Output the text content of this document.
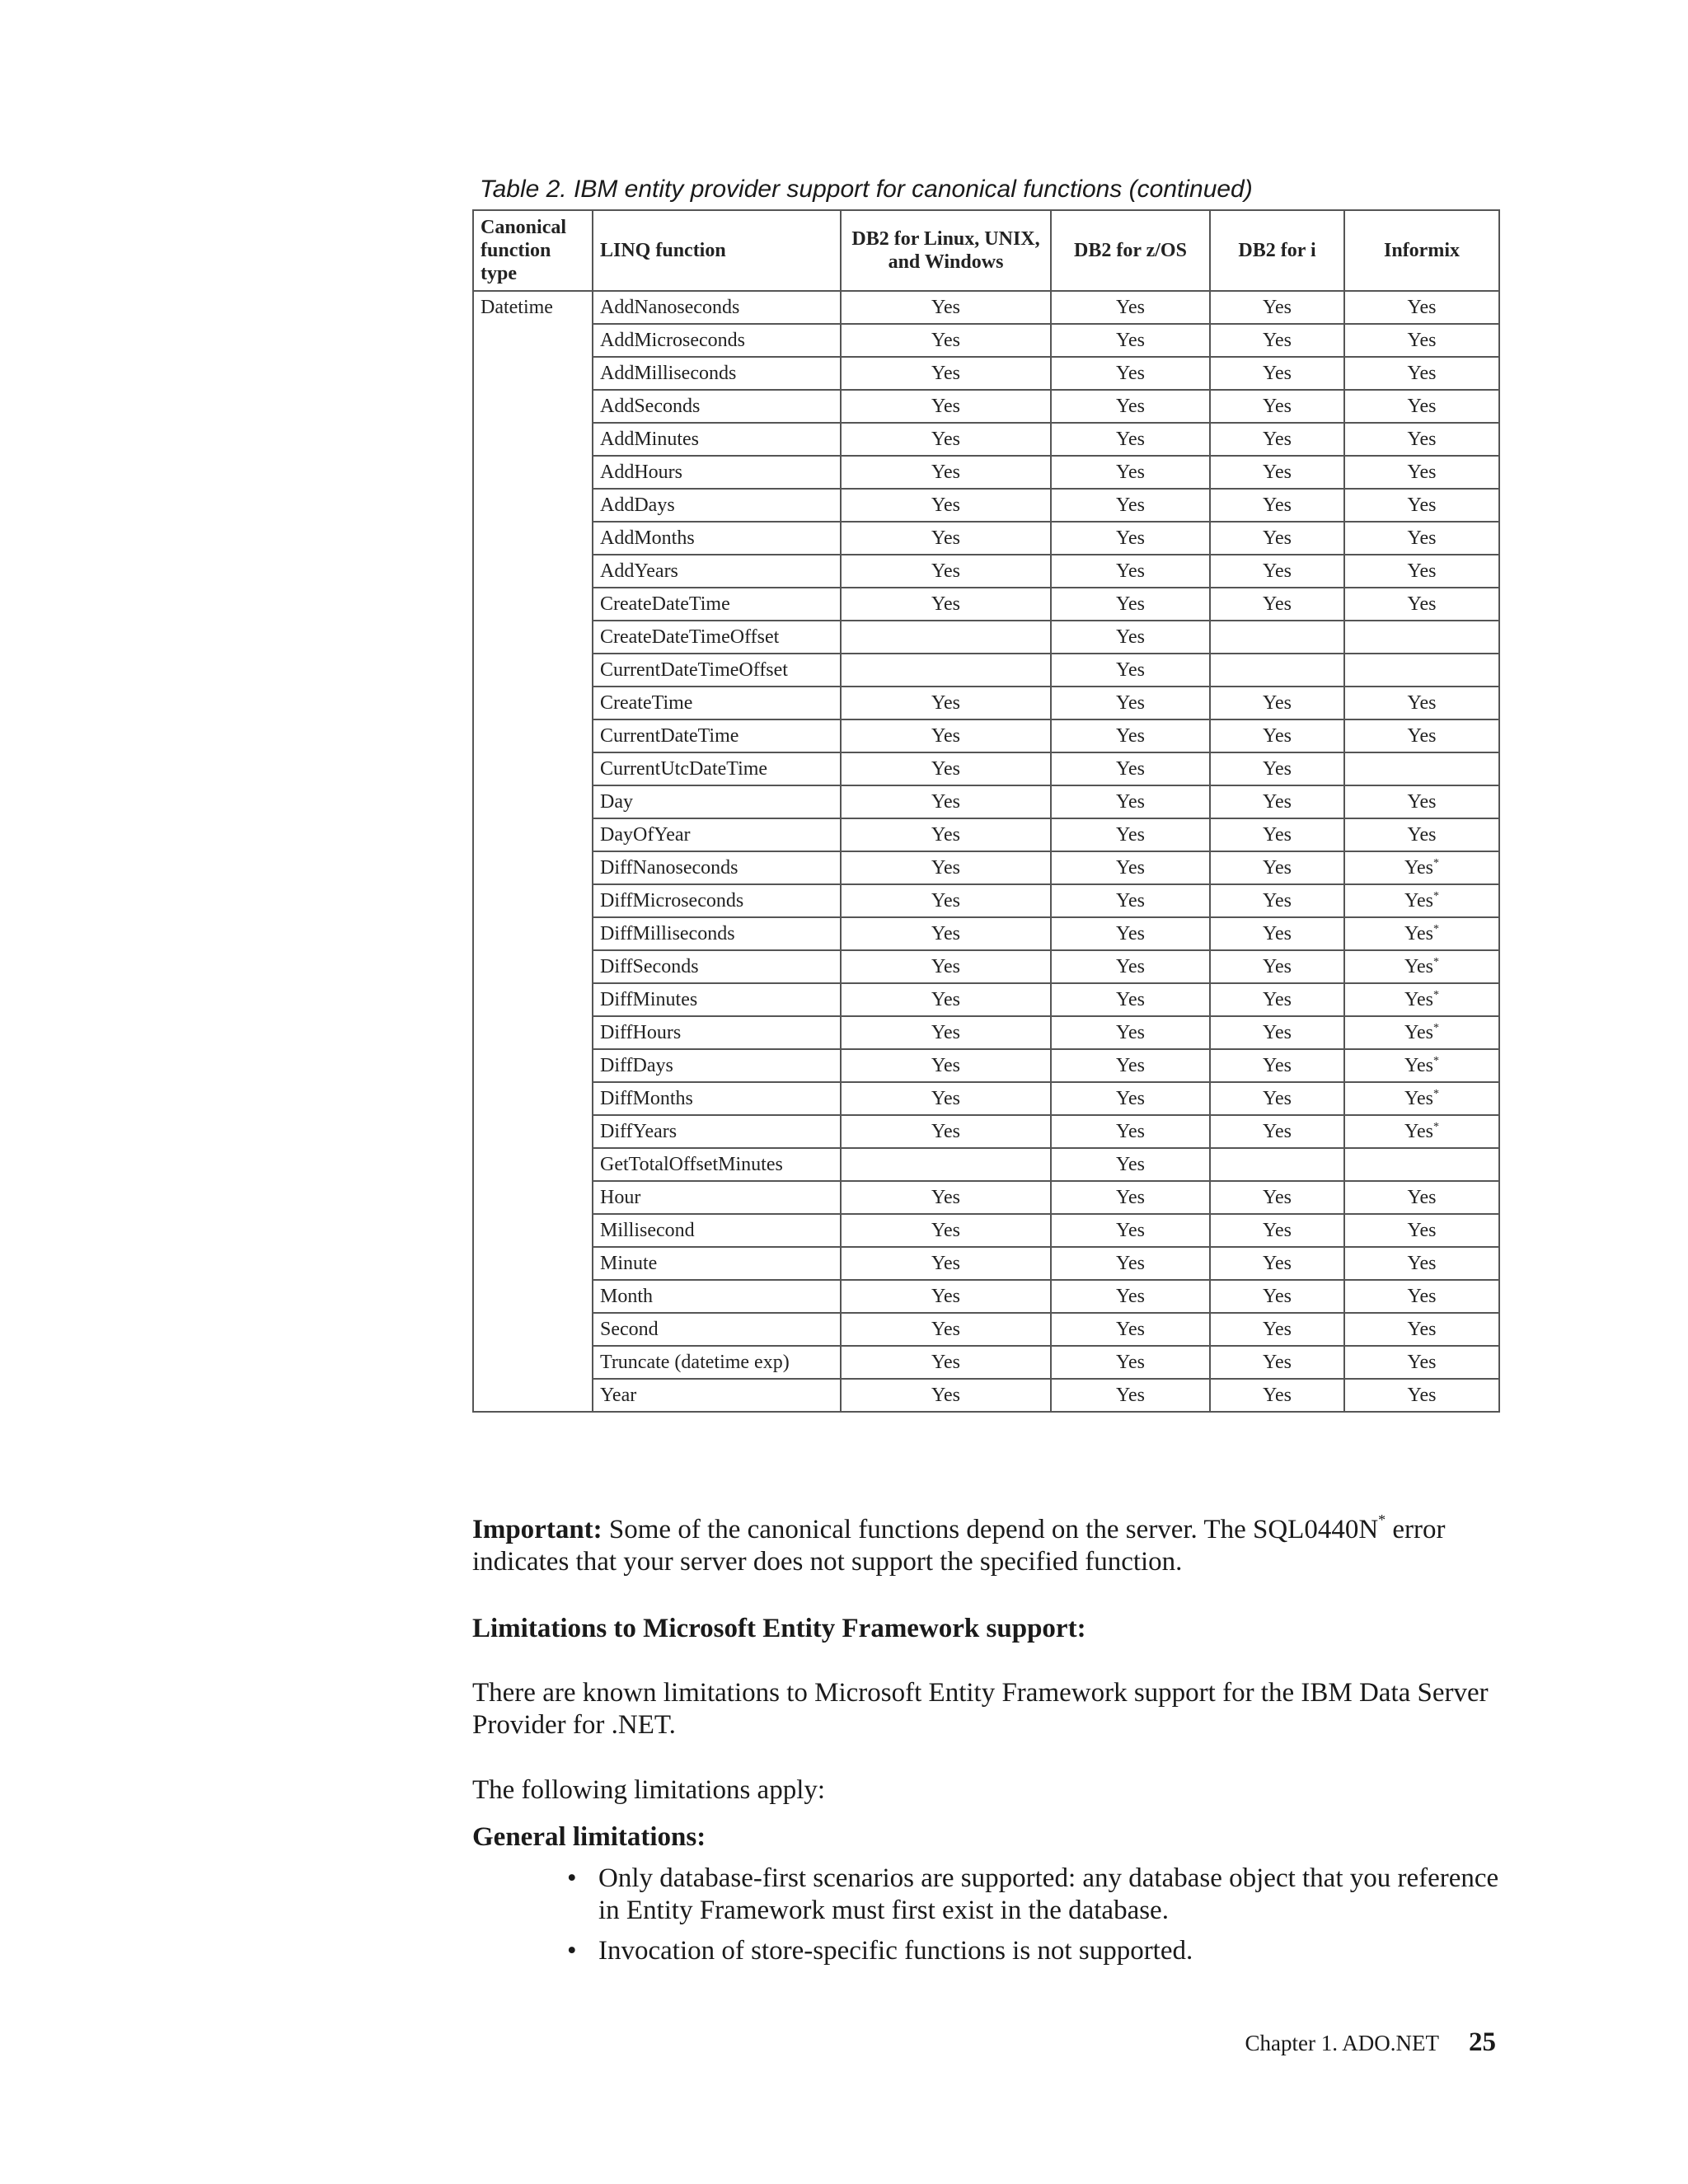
Table 2. IBM entity provider support for canonical functions (continued)
Canonical function type	LINQ function	DB2 for Linux, UNIX, and Windows	DB2 for z/OS	DB2 for i	Informix
Datetime	AddNanoseconds	Yes	Yes	Yes	Yes
	AddMicroseconds	Yes	Yes	Yes	Yes
	AddMilliseconds	Yes	Yes	Yes	Yes
	AddSeconds	Yes	Yes	Yes	Yes
	AddMinutes	Yes	Yes	Yes	Yes
	AddHours	Yes	Yes	Yes	Yes
	AddDays	Yes	Yes	Yes	Yes
	AddMonths	Yes	Yes	Yes	Yes
	AddYears	Yes	Yes	Yes	Yes
	CreateDateTime	Yes	Yes	Yes	Yes
	CreateDateTimeOffset		Yes		
	CurrentDateTimeOffset		Yes		
	CreateTime	Yes	Yes	Yes	Yes
	CurrentDateTime	Yes	Yes	Yes	Yes
	CurrentUtcDateTime	Yes	Yes	Yes	
	Day	Yes	Yes	Yes	Yes
	DayOfYear	Yes	Yes	Yes	Yes
	DiffNanoseconds	Yes	Yes	Yes	Yes*
	DiffMicroseconds	Yes	Yes	Yes	Yes*
	DiffMilliseconds	Yes	Yes	Yes	Yes*
	DiffSeconds	Yes	Yes	Yes	Yes*
	DiffMinutes	Yes	Yes	Yes	Yes*
	DiffHours	Yes	Yes	Yes	Yes*
	DiffDays	Yes	Yes	Yes	Yes*
	DiffMonths	Yes	Yes	Yes	Yes*
	DiffYears	Yes	Yes	Yes	Yes*
	GetTotalOffsetMinutes		Yes		
	Hour	Yes	Yes	Yes	Yes
	Millisecond	Yes	Yes	Yes	Yes
	Minute	Yes	Yes	Yes	Yes
	Month	Yes	Yes	Yes	Yes
	Second	Yes	Yes	Yes	Yes
	Truncate (datetime exp)	Yes	Yes	Yes	Yes
	Year	Yes	Yes	Yes	Yes
Important: Some of the canonical functions depend on the server. The SQL0440N* error indicates that your server does not support the specified function.
Limitations to Microsoft Entity Framework support:
There are known limitations to Microsoft Entity Framework support for the IBM Data Server Provider for .NET.
The following limitations apply:
General limitations:
• Only database-first scenarios are supported: any database object that you reference in Entity Framework must first exist in the database.
• Invocation of store-specific functions is not supported.
Chapter 1. ADO.NET 25
